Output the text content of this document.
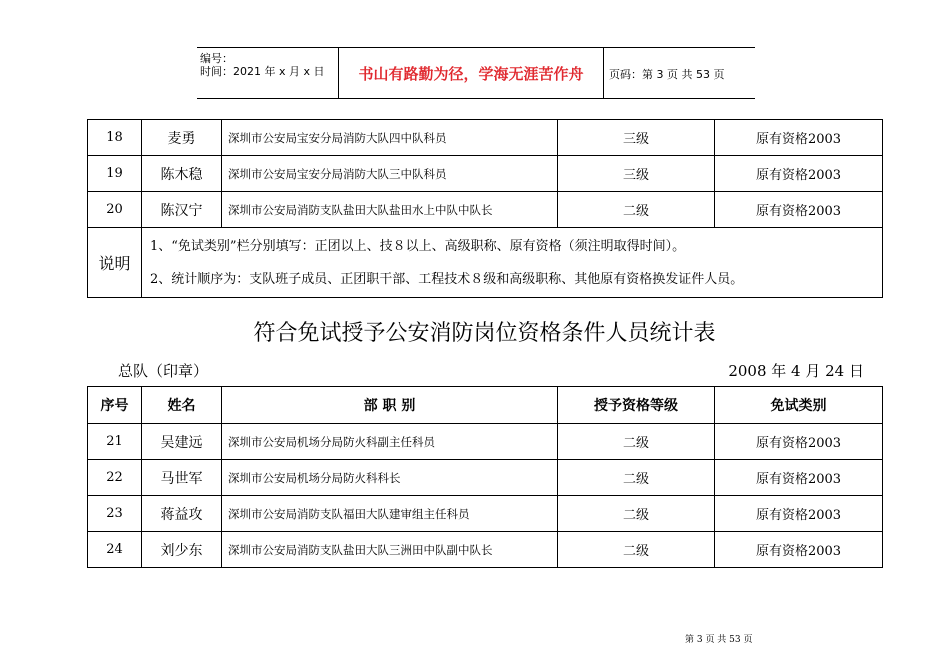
编号：
时间：2021 年 x 月 x 日	书山有路勤为径，学海无涯苦作舟	页码：第 3 页 共 53 页
18	麦勇	深圳市公安局宝安分局消防大队四中队科员	三级	原有资格2003
19	陈木稳	深圳市公安局宝安分局消防大队三中队科员	三级	原有资格2003
20	陈汉宁	深圳市公安局消防支队盐田大队盐田水上中队中队长	二级	原有资格2003
说明	1、“免试类别”栏分别填写：正团以上、技８以上、高级职称、原有资格（须注明取得时间）。
2、统计顺序为：支队班子成员、正团职干部、工程技术８级和高级职称、其他原有资格换发证件人员。			
符合免试授予公安消防岗位资格条件人员统计表
总队（印章）	2008 年 4 月 24 日
序号	姓名	部 职 别	授予资格等级	免试类别
21	吴建远	深圳市公安局机场分局防火科副主任科员	二级	原有资格2003
22	马世军	深圳市公安局机场分局防火科科长	二级	原有资格2003
23	蒋益攻	深圳市公安局消防支队福田大队建审组主任科员	二级	原有资格2003
24	刘少东	深圳市公安局消防支队盐田大队三洲田中队副中队长	二级	原有资格2003
第 3 页 共 53 页
